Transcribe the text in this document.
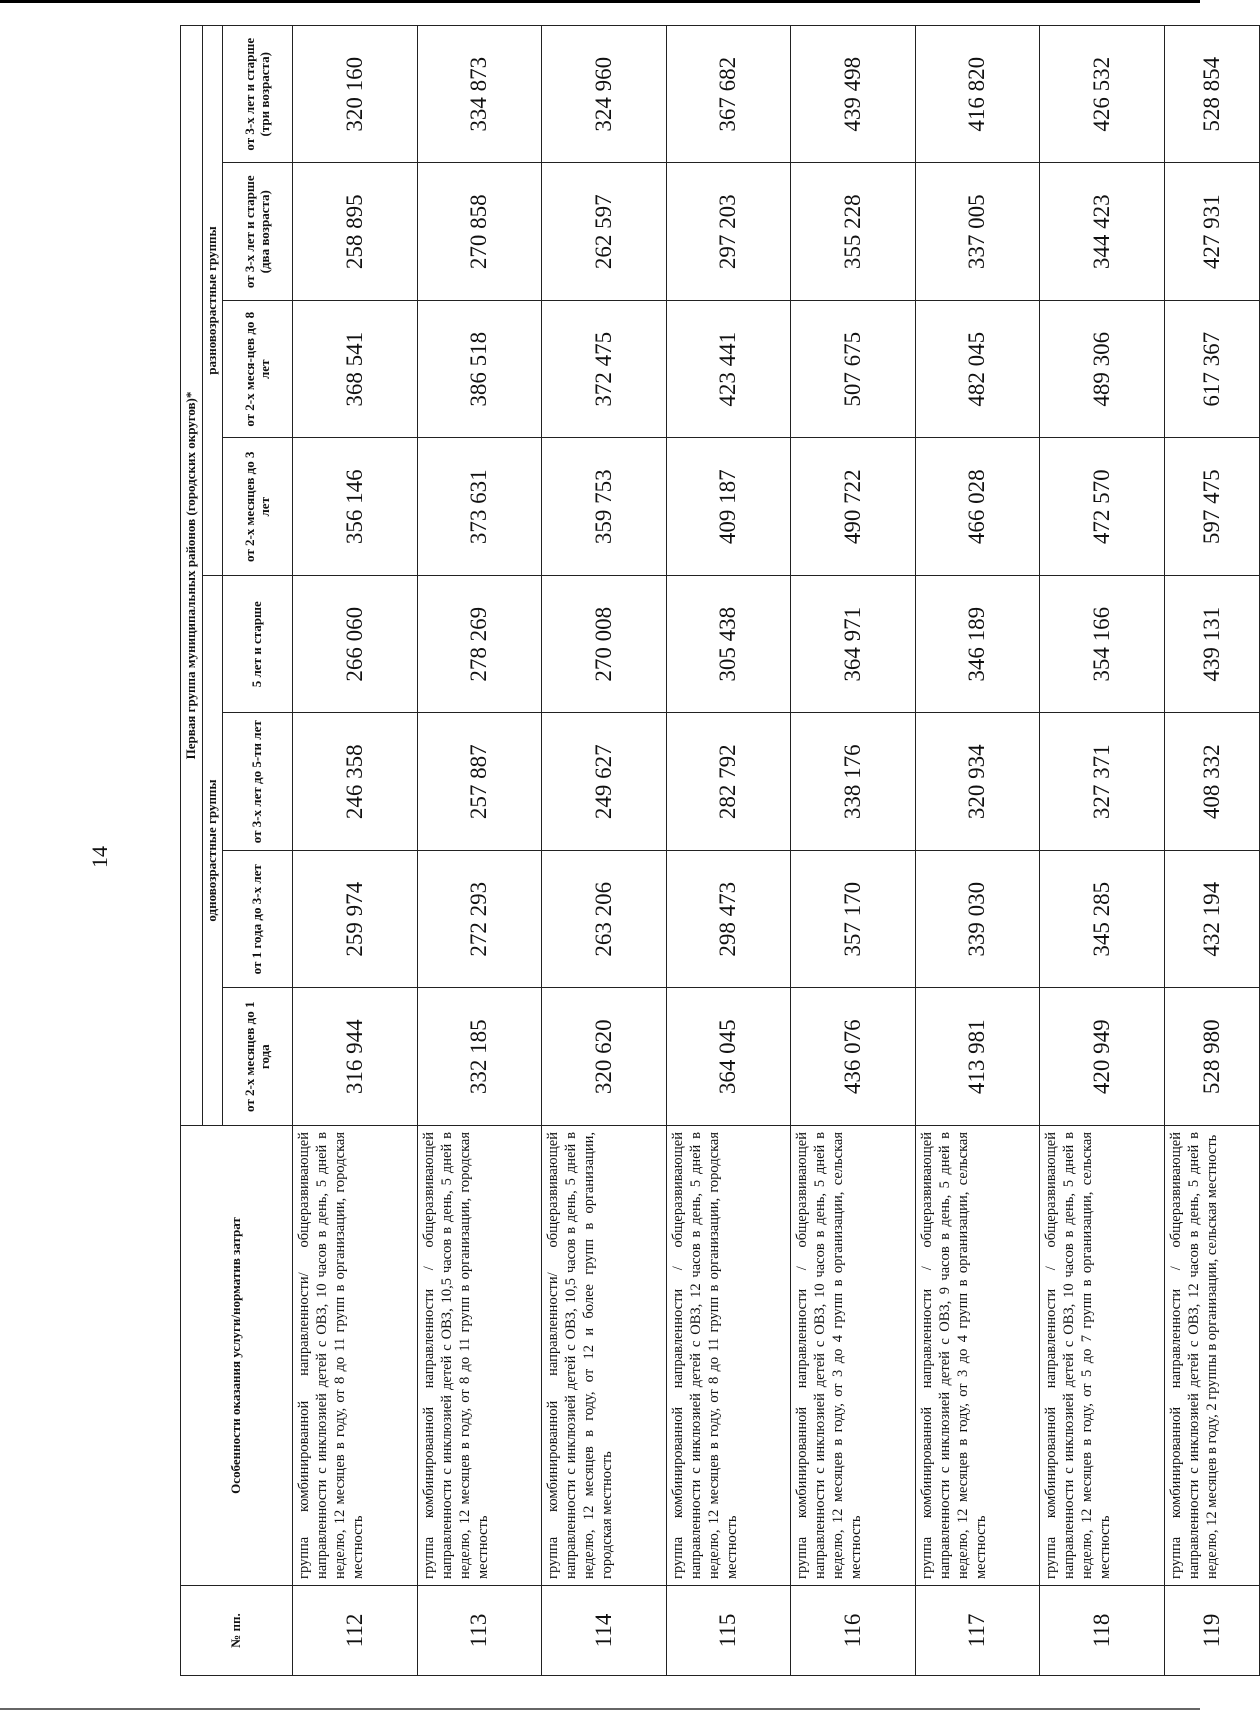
14
№ пп.	Особенности оказания услуги/норматив затрат	Первая группа муниципальных районов (городских округов)*							
		одновозрастные группы				разновозрастные группы			
		от 2-х месяцев до 1 года	от 1 года до 3-х лет	от 3-х лет до 5-ти лет	5 лет и старше	от 2-х месяцев до 3 лет	от 2-х меся-цев до 8 лет	от 3-х лет и старше (два возраста)	от 3-х лет и старше (три возраста)
112	группа комбинированной направленности/ общеразвивающей направленности с инклюзией детей с ОВЗ, 10 часов в день, 5 дней в неделю, 12 месяцев в году, от 8 до 11 групп в организации, городская местность	316 944	259 974	246 358	266 060	356 146	368 541	258 895	320 160
113	группа комбинированной направленности / общеразвивающей направленности с инклюзией детей с ОВЗ, 10,5 часов в день, 5 дней в неделю, 12 месяцев в году, от 8 до 11 групп в организации, городская местность	332 185	272 293	257 887	278 269	373 631	386 518	270 858	334 873
114	группа комбинированной направленности/ общеразвивающей направленности с инклюзией детей с ОВЗ, 10,5 часов в день, 5 дней в неделю, 12 месяцев в году, от 12 и более групп в организации, городская местность	320 620	263 206	249 627	270 008	359 753	372 475	262 597	324 960
115	группа комбинированной направленности / общеразвивающей направленности с инклюзией детей с ОВЗ, 12 часов в день, 5 дней в неделю, 12 месяцев в году, от 8 до 11 групп в организации, городская местность	364 045	298 473	282 792	305 438	409 187	423 441	297 203	367 682
116	группа комбинированной направленности / общеразвивающей направленности с инклюзией детей с ОВЗ, 10 часов в день, 5 дней в неделю, 12 месяцев в году, от 3 до 4 групп в организации, сельская местность	436 076	357 170	338 176	364 971	490 722	507 675	355 228	439 498
117	группа комбинированной направленности / общеразвивающей направленности с инклюзией детей с ОВЗ, 9 часов в день, 5 дней в неделю, 12 месяцев в году, от 3 до 4 групп в организации, сельская местность	413 981	339 030	320 934	346 189	466 028	482 045	337 005	416 820
118	группа комбинированной направленности / общеразвивающей направленности с инклюзией детей с ОВЗ, 10 часов в день, 5 дней в неделю, 12 месяцев в году, от 5 до 7 групп в организации, сельская местность	420 949	345 285	327 371	354 166	472 570	489 306	344 423	426 532
119	группа комбинированной направленности / общеразвивающей направленности с инклюзией детей с ОВЗ, 12 часов в день, 5 дней в неделю, 12 месяцев в году, 2 группы в организации, сельская местность	528 980	432 194	408 332	439 131	597 475	617 367	427 931	528 854
